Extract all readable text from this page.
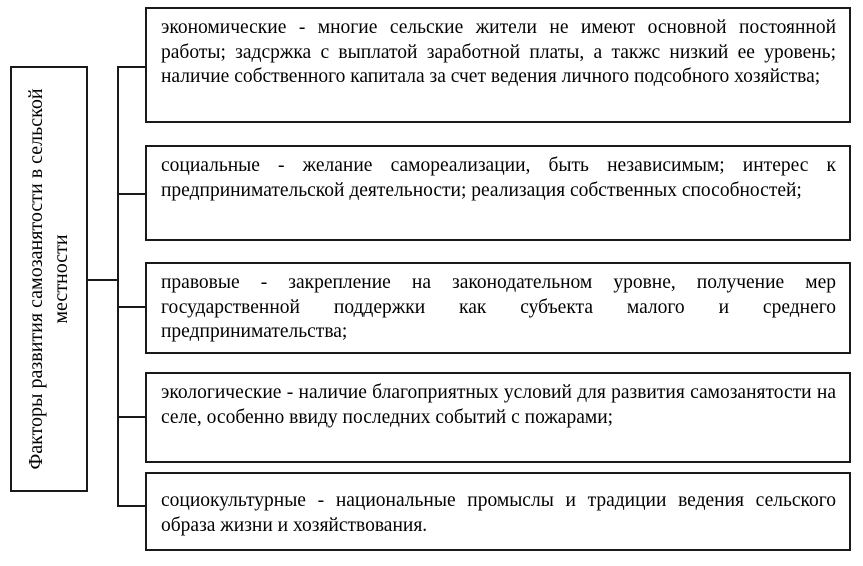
Факторы развития самозанятости в сельской местности
экономические - многие сельские жители не имеют основной постоянной работы; задсржка с выплатой заработной платы, а такжс низкий ее уровень; наличие собственного капитала за счет ведения личного подсобного хозяйства;
социальные - желание самореализации, быть независимым; интерес к предпринимательской деятельности; реализация собственных способностей;
правовые - закрепление на законодательном уровне, получение мер государственной поддержки как субъекта малого и среднего предпринимательства;
экологические - наличие благоприятных условий для развития самозанятости на селе, особенно ввиду последних событий с пожарами;
социокультурные - национальные промыслы и традиции ведения сельского образа жизни и хозяйствования.
